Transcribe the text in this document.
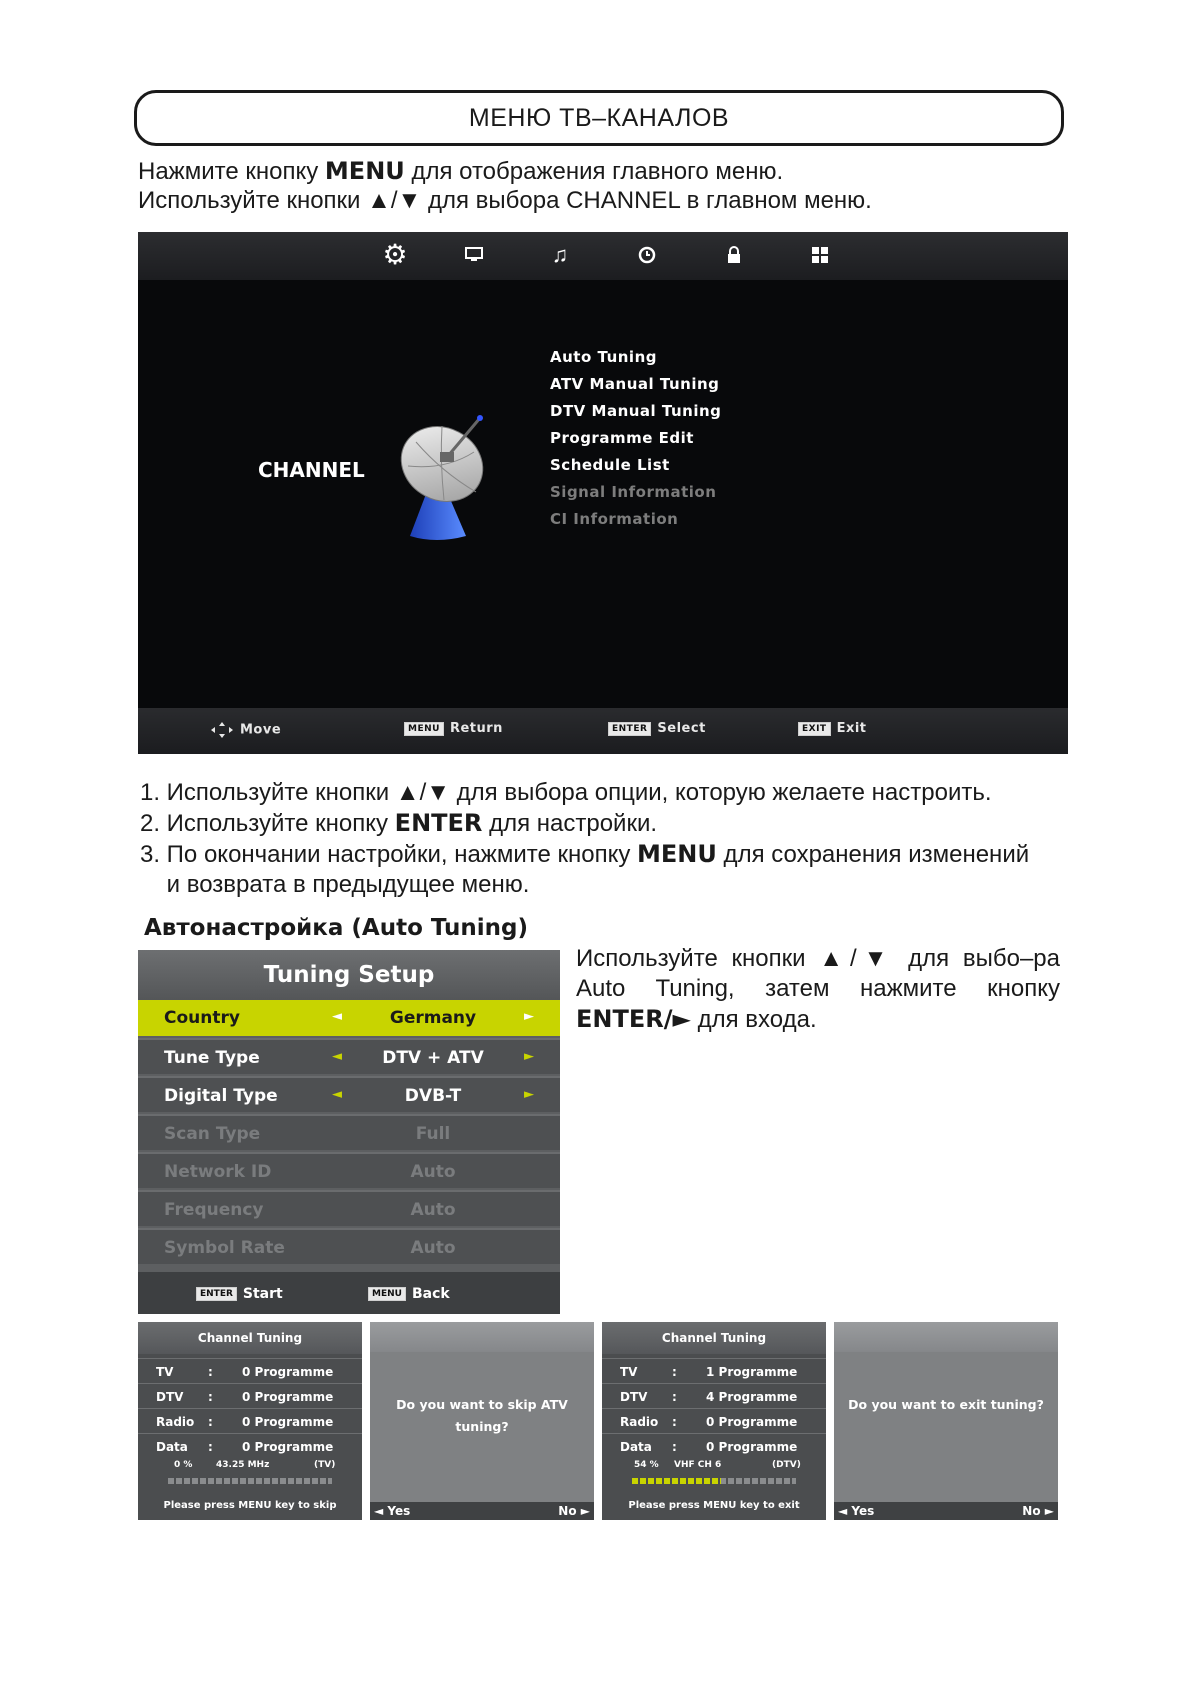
МЕНЮ ТВ–КАНАЛОВ
Нажмите кнопку MENU для отображения главного меню.
Используйте кнопки ▲/▼ для выбора CHANNEL в главном меню.
⚙	♫
CHANNEL
Auto Tuning
ATV Manual Tuning
DTV Manual Tuning
Programme Edit
Schedule List
Signal Information
CI Information
Move	MENU Return	ENTER Select	EXIT Exit
1. Используйте кнопки ▲/▼ для выбора опции, которую желаете настроить.
2. Используйте кнопку ENTER для настройки.
3. По окончании настройки, нажмите кнопку MENU для сохранения изменений
и возврата в предыдущее меню.
Автонастройка (Auto Tuning)
Tuning Setup
Country	◄	Germany	►
Tune Type	◄	DTV + ATV	►
Digital Type	◄	DVB-T	►
Scan Type	Full
Network ID	Auto
Frequency	Auto
Symbol Rate	Auto
ENTER Start	MENU Back
Используйте кнопки ▲/▼ для выбо–ра Auto Tuning, затем нажмите кнопку ENTER/► для входа.
Channel Tuning
TV	: 0 Programme
DTV : 0 Programme
Radio : 0 Programme
Data : 0 Programme
0 %	43.25 MHz	(TV)
Please press MENU key to skip
Do you want to skip ATV tuning?
◄ Yes	No ►
Channel Tuning
TV	: 1 Programme
DTV : 4 Programme
Radio : 0 Programme
Data : 0 Programme
54 % VHF CH 6	(DTV)
Please press MENU key to exit
Do you want to exit tuning?
◄ Yes	No ►
